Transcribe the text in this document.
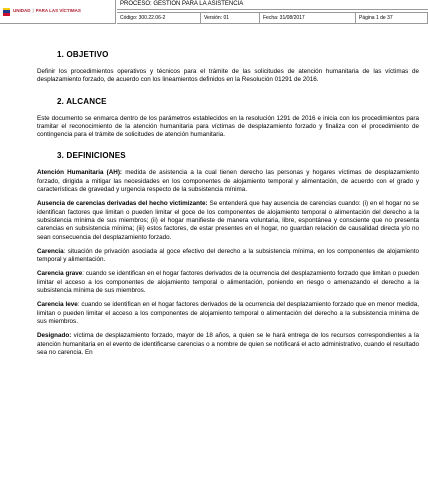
UNIDAD | PARA LAS VÍCTIMAS
PROCESO: GESTIÓN PARA LA ASISTENCIA
Código: 300.22.06-2	Versión: 01	Fecha: 31/08/2017	Página 1 de 37
1. OBJETIVO

Definir los procedimientos operativos y técnicos para el trámite de las solicitudes de atención humanitaria de las víctimas de desplazamiento forzado, de acuerdo con los lineamientos definidos en la Resolución 01291 de 2016.

2. ALCANCE

Este documento se enmarca dentro de los parámetros establecidos en la resolución 1291 de 2016 e inicia con los procedimientos para tramitar el reconocimiento de la atención humanitaria para víctimas de desplazamiento forzado y finaliza con el procedimiento de contingencia para el trámite de solicitudes de atención humanitaria.

3. DEFINICIONES

Atención Humanitaria (AH): medida de asistencia a la cual tienen derecho las personas y hogares víctimas de desplazamiento forzado, dirigida a mitigar las necesidades en los componentes de alojamiento temporal y alimentación, de acuerdo con el grado y características de gravedad y urgencia respecto de la subsistencia mínima.

Ausencia de carencias derivadas del hecho victimizante: Se entenderá que hay ausencia de carencias cuando: (i) en el hogar no se identifican factores que limitan o pueden limitar el goce de los componentes de alojamiento temporal o alimentación del derecho a la subsistencia mínima de sus miembros; (ii) el hogar manifieste de manera voluntaria, libre, espontánea y consciente que no presenta carencias en subsistencia mínima; (iii) estos factores, de estar presentes en el hogar, no guardan relación de causalidad directa y/o no sean consecuencia del desplazamiento forzado.

Carencia: situación de privación asociada al goce efectivo del derecho a la subsistencia mínima, en los componentes de alojamiento temporal y alimentación.

Carencia grave: cuando se identifican en el hogar factores derivados de la ocurrencia del desplazamiento forzado que limitan o pueden limitar el acceso a los componentes de alojamiento temporal o alimentación, poniendo en riesgo o amenazando el derecho a la subsistencia mínima de sus miembros.

Carencia leve: cuando se identifican en el hogar factores derivados de la ocurrencia del desplazamiento forzado que en menor medida, limitan o pueden limitar el acceso a los componentes de alojamiento temporal o alimentación del derecho a la subsistencia mínima de sus miembros.

Designado: víctima de desplazamiento forzado, mayor de 18 años, a quien se le hará entrega de los recursos correspondientes a la atención humanitaria en el evento de identificarse carencias o a nombre de quien se notificará el acto administrativo, cuando el resultado sea no carencia. En
